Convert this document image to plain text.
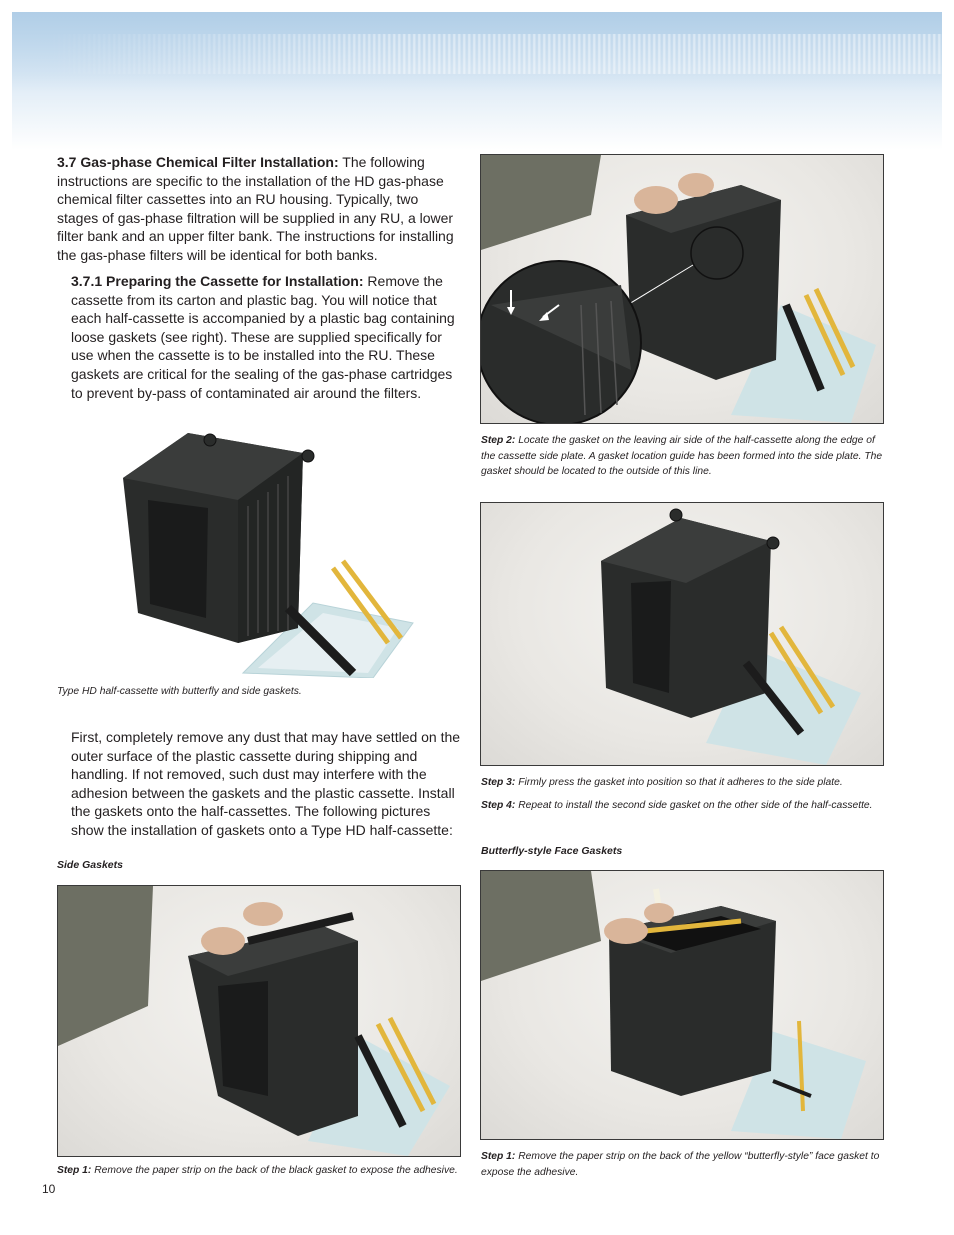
3.7 Gas-phase Chemical Filter Installation: The following instructions are specific to the installation of the HD gas-phase chemical filter cassettes into an RU housing. Typically, two stages of gas-phase filtration will be supplied in any RU, a lower filter bank and an upper filter bank. The instructions for installing the gas-phase filters will be identical for both banks.

3.7.1 Preparing the Cassette for Installation: Remove the cassette from its carton and plastic bag. You will notice that each half-cassette is accompanied by a plastic bag containing loose gaskets (see right). These are supplied specifically for use when the cassette is to be installed into the RU. These gaskets are critical for the sealing of the gas-phase cartridges to prevent by-pass of contaminated air around the filters.

Type HD half-cassette with butterfly and side gaskets.

First, completely remove any dust that may have settled on the outer surface of the plastic cassette during shipping and handling. If not removed, such dust may interfere with the adhesion between the gaskets and the plastic cassette. Install the gaskets onto the half-cassettes. The following pictures show the installation of gaskets onto a Type HD half-cassette:

Side Gaskets

Step 1: Remove the paper strip on the back of the black gasket to expose the adhesive.

Step 2: Locate the gasket on the leaving air side of the half-cassette along the edge of the cassette side plate. A gasket location guide has been formed into the side plate. The gasket should be located to the outside of this line.

Step 3: Firmly press the gasket into position so that it adheres to the side plate.

Step 4: Repeat to install the second side gasket on the other side of the half-cassette.

Butterfly-style Face Gaskets

Step 1: Remove the paper strip on the back of the yellow “butterfly-style” face gasket to expose the adhesive.

10
